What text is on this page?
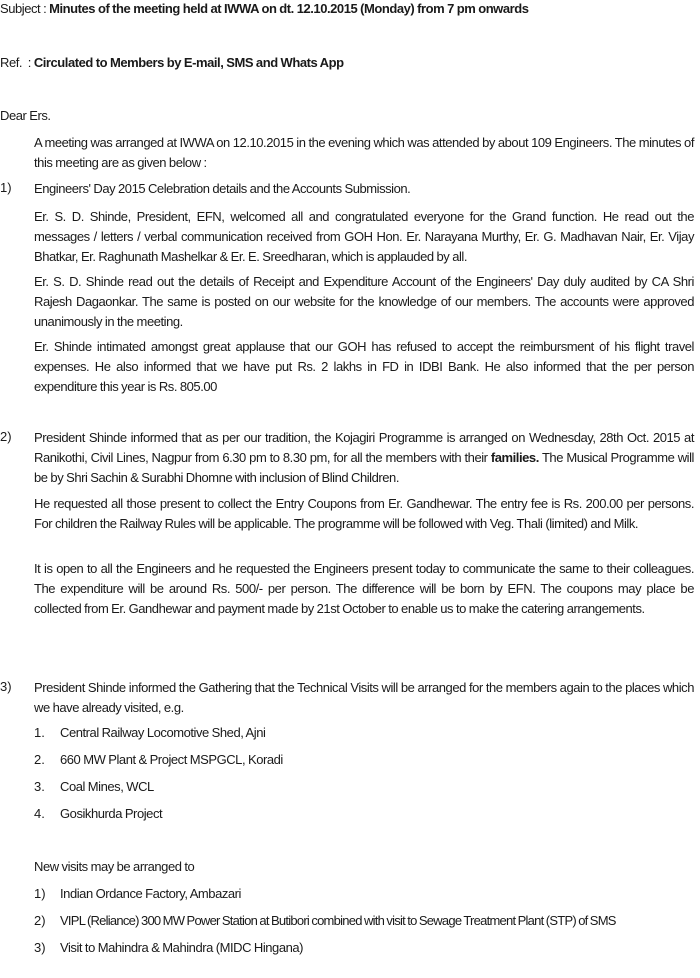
Subject : Minutes of the meeting held at IWWA on dt. 12.10.2015 (Monday) from 7 pm onwards
Ref.  : Circulated to Members by E-mail, SMS and Whats App
Dear Ers.
A meeting was arranged at IWWA on 12.10.2015 in the evening which was attended by about 109 Engineers. The minutes of this meeting are as given below :
1) Engineers' Day 2015 Celebration details and the Accounts Submission.
Er. S. D. Shinde, President, EFN, welcomed all and congratulated everyone for the Grand function. He read out the messages / letters / verbal communication received from GOH Hon. Er. Narayana Murthy, Er. G. Madhavan Nair, Er. Vijay Bhatkar, Er. Raghunath Mashelkar & Er. E. Sreedharan, which is applauded by all.
Er. S. D. Shinde read out the details of Receipt and Expenditure Account of the Engineers' Day duly audited by CA Shri Rajesh Dagaonkar. The same is posted on our website for the knowledge of our members. The accounts were approved unanimously in the meeting.
Er. Shinde intimated amongst great applause that our GOH has refused to accept the reimbursment of his flight travel expenses. He also informed that we have put Rs. 2 lakhs in FD in IDBI Bank. He also informed that the per person expenditure this year is Rs. 805.00
2) President Shinde informed that as per our tradition, the Kojagiri Programme is arranged on Wednesday, 28th Oct. 2015 at Ranikothi, Civil Lines, Nagpur from 6.30 pm to 8.30 pm, for all the members with their families. The Musical Programme will be by Shri Sachin & Surabhi Dhomne with inclusion of Blind Children.
He requested all those present to collect the Entry Coupons from Er. Gandhewar. The entry fee is Rs. 200.00 per persons. For children the Railway Rules will be applicable. The programme will be followed with Veg. Thali (limited) and Milk.
It is open to all the Engineers and he requested the Engineers present today to communicate the same to their colleagues. The expenditure will be around Rs. 500/- per person. The difference will be born by EFN. The coupons may place be collected from Er. Gandhewar and payment made by 21st October to enable us to make the catering arrangements.
3) President Shinde informed the Gathering that the Technical Visits will be arranged for the members again to the places which we have already visited, e.g.
1. Central Railway Locomotive Shed, Ajni
2. 660 MW Plant & Project MSPGCL, Koradi
3. Coal Mines, WCL
4. Gosikhurda Project
New visits may be arranged to
1) Indian Ordance Factory, Ambazari
2) VIPL (Reliance) 300 MW Power Station at Butibori combined with visit to Sewage Treatment Plant (STP) of SMS
3) Visit to Mahindra & Mahindra (MIDC Hingana)
